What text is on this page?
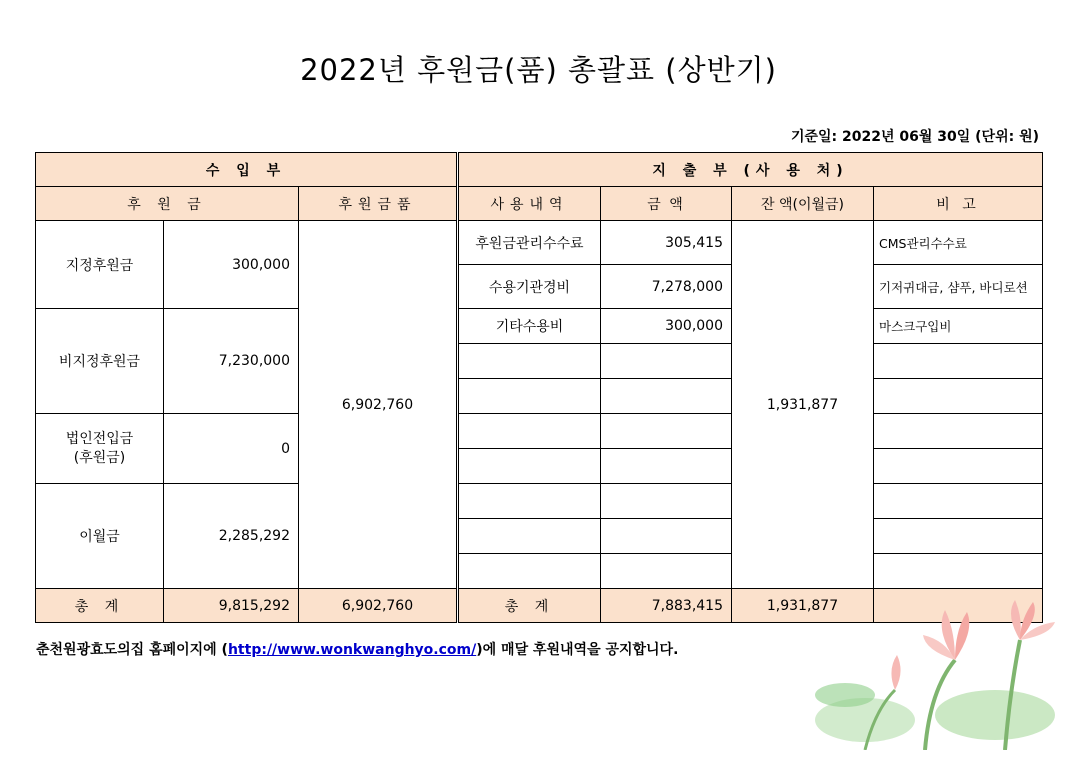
2022년 후원금(품) 총괄표 (상반기)
기준일: 2022년 06월 30일 (단위: 원)
수 입 부			지 출 부 (사 용 처)			
후 원 금		후원금품	사용내역	금 액	잔 액(이월금)	비 고
지정후원금	300,000	6,902,760	후원금관리수수료	305,415	1,931,877	CMS관리수수료
			수용기관경비	7,278,000		기저귀대금, 샴푸, 바디로션
비지정후원금	7,230,000		기타수용비	300,000		마스크구입비

법인전입금
(후원금)	0					

이월금	2,285,292					

총 계	9,815,292	6,902,760	총 계	7,883,415	1,931,877	
춘천원광효도의집 홈페이지에 (http://www.wonkwanghyo.com/)에 매달 후원내역을 공지합니다.
